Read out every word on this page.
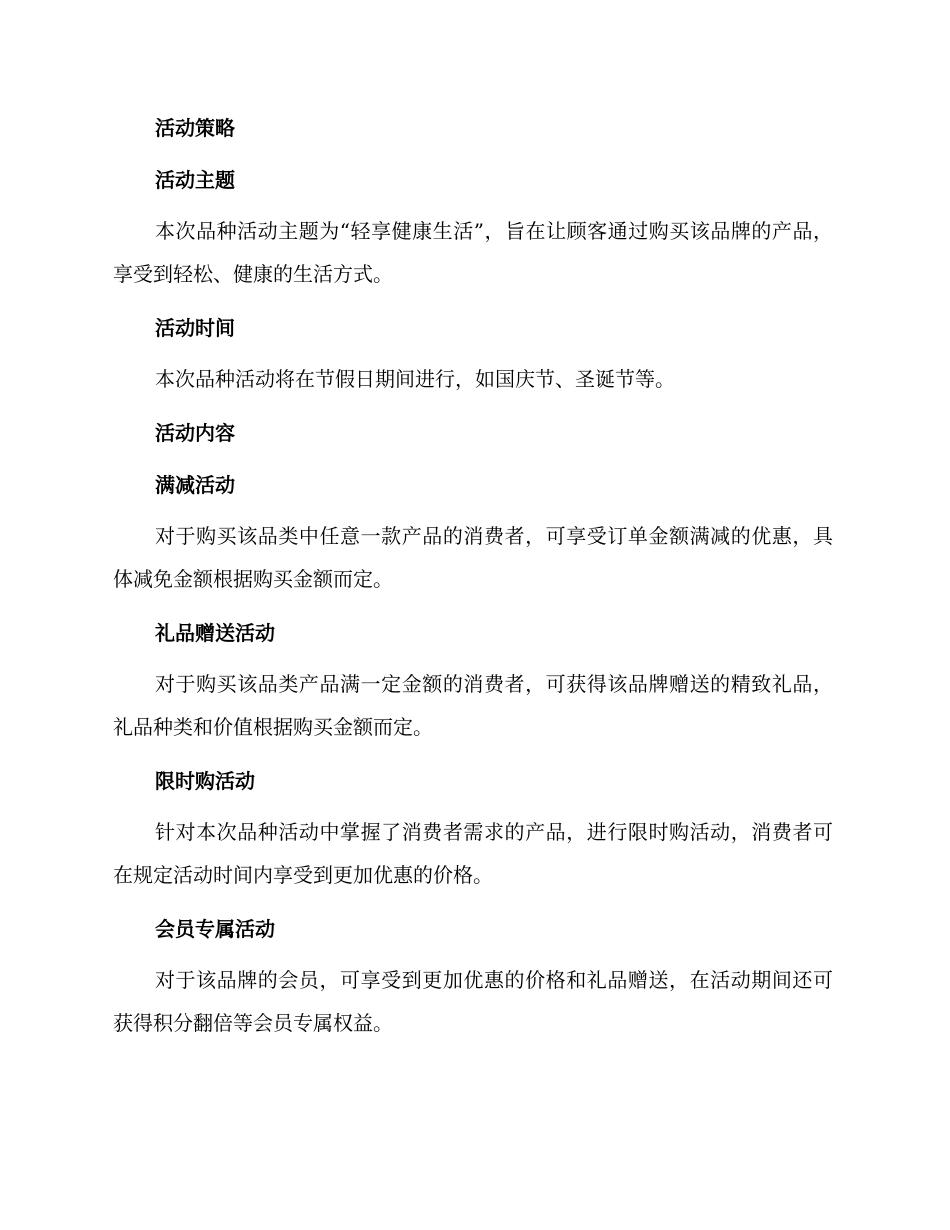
活动策略
活动主题
本次品种活动主题为“轻享健康生活”，旨在让顾客通过购买该品牌的产品，享受到轻松、健康的生活方式。
活动时间
本次品种活动将在节假日期间进行，如国庆节、圣诞节等。
活动内容
满减活动
对于购买该品类中任意一款产品的消费者，可享受订单金额满减的优惠，具体减免金额根据购买金额而定。
礼品赠送活动
对于购买该品类产品满一定金额的消费者，可获得该品牌赠送的精致礼品，礼品种类和价值根据购买金额而定。
限时购活动
针对本次品种活动中掌握了消费者需求的产品，进行限时购活动，消费者可在规定活动时间内享受到更加优惠的价格。
会员专属活动
对于该品牌的会员，可享受到更加优惠的价格和礼品赠送，在活动期间还可获得积分翻倍等会员专属权益。
